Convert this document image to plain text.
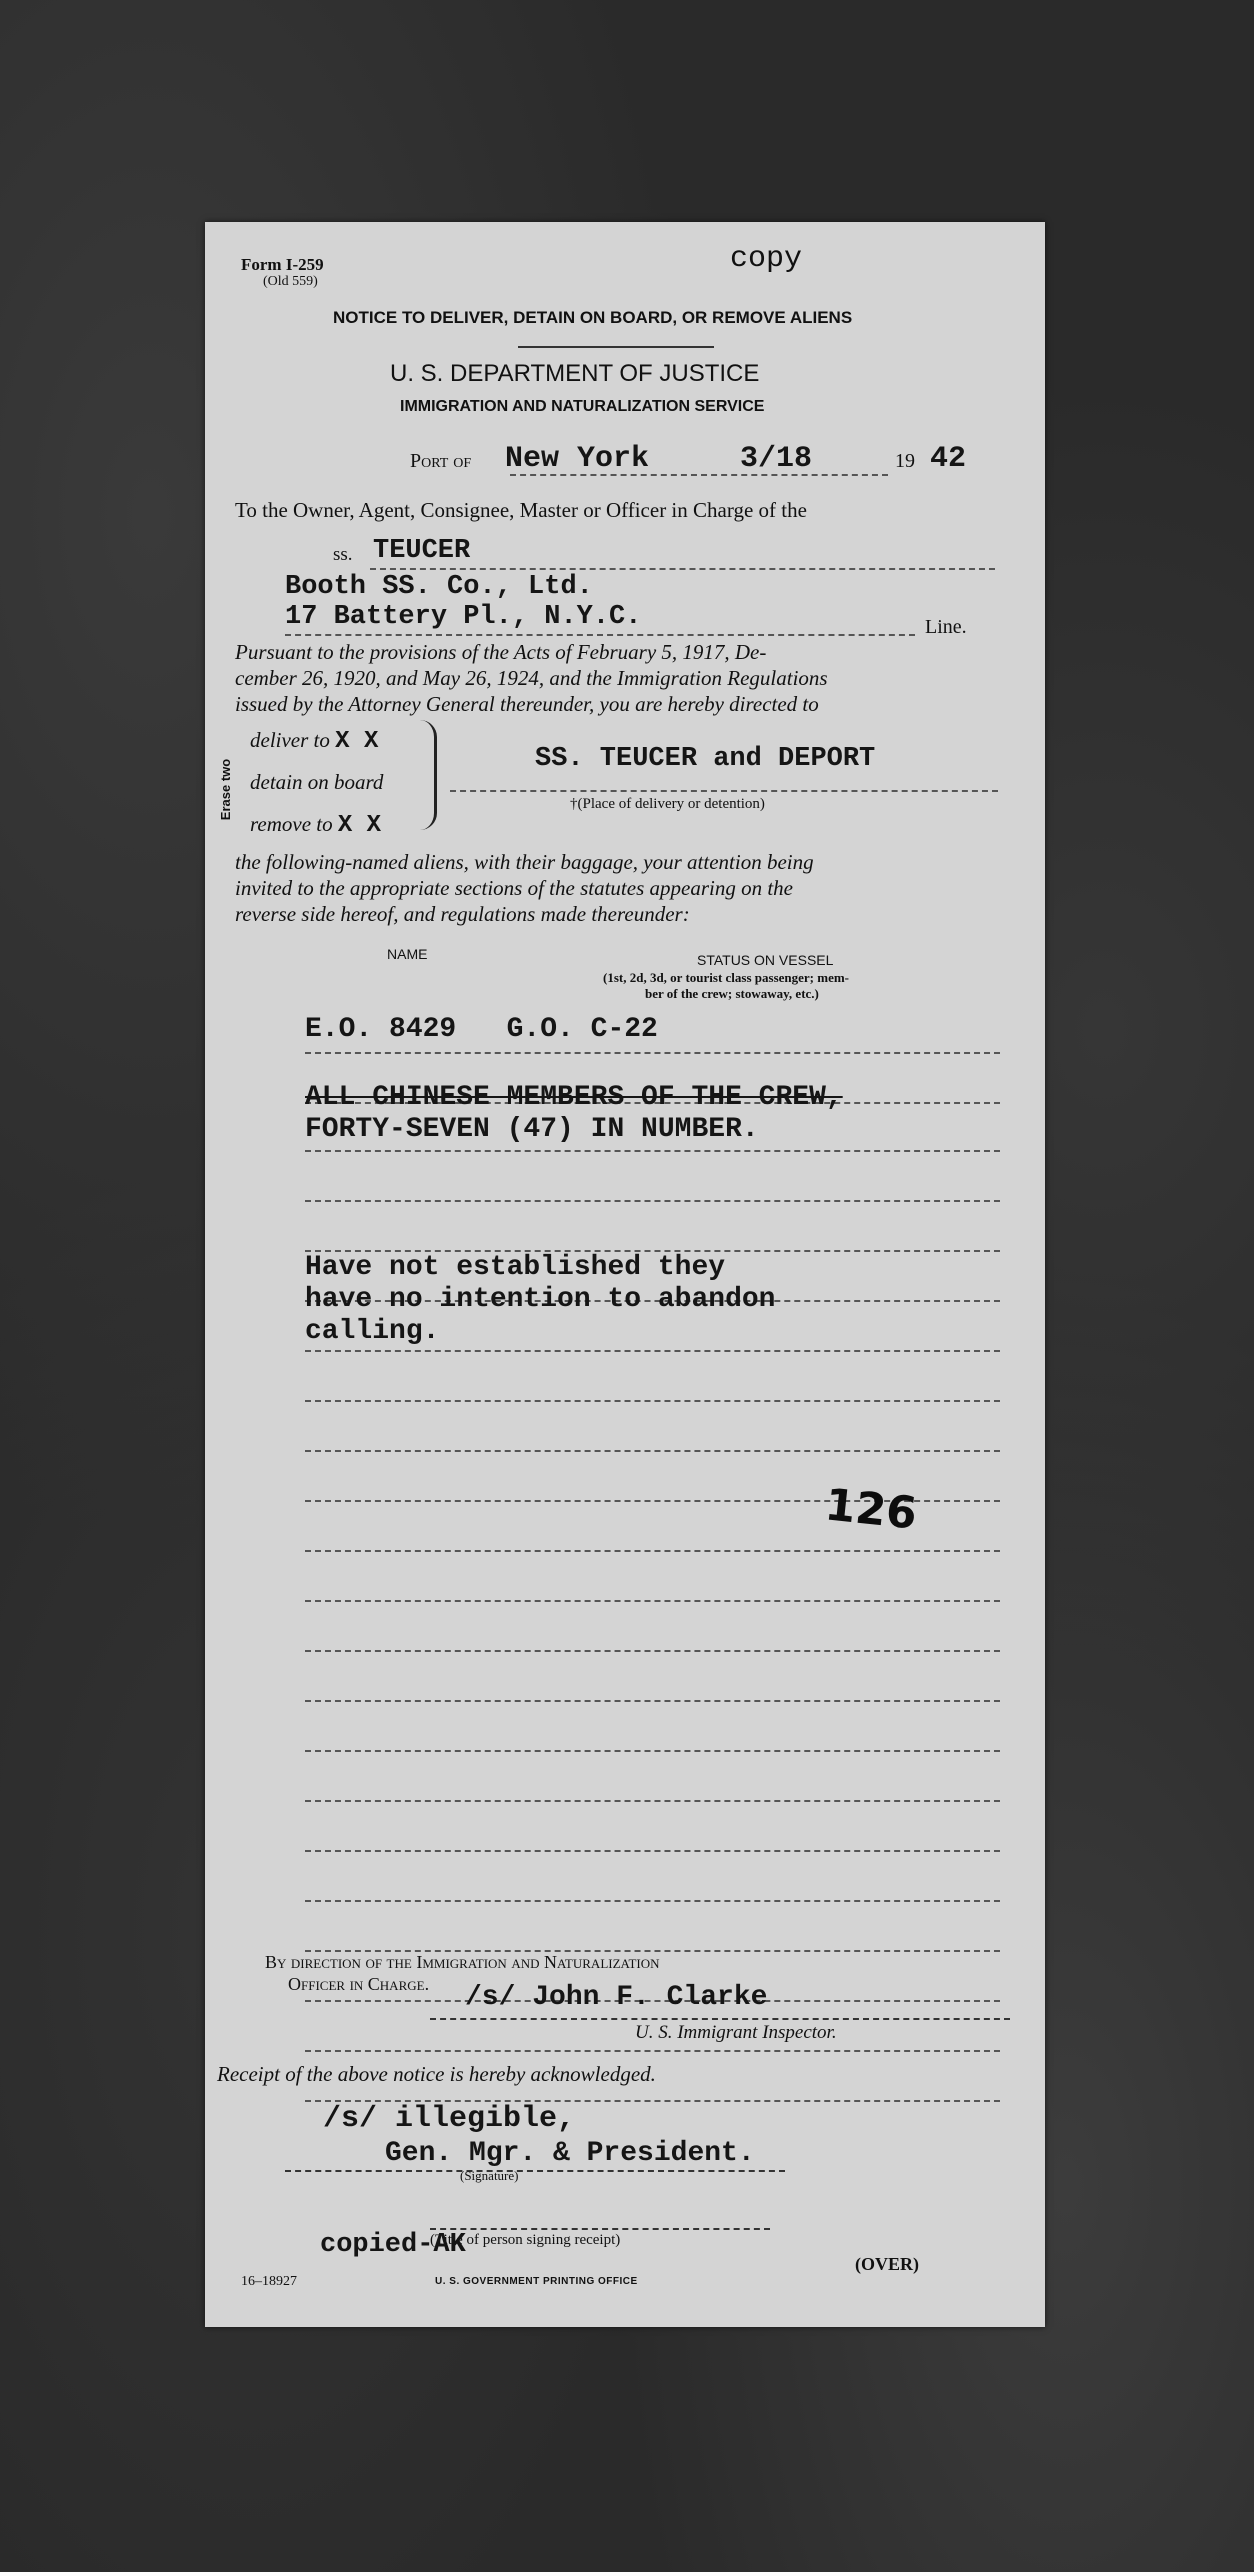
Form I-259
(Old 559)
copy
NOTICE TO DELIVER, DETAIN ON BOARD, OR REMOVE ALIENS
U. S. DEPARTMENT OF JUSTICE
IMMIGRATION AND NATURALIZATION SERVICE
Port of New York	3/18	19 42
To the Owner, Agent, Consignee, Master or Officer in Charge of the
ss. TEUCER
Booth SS. Co., Ltd.
17 Battery Pl., N.Y.C.	Line.
Pursuant to the provisions of the Acts of February 5, 1917, De-
cember 26, 1920, and May 26, 1924, and the Immigration Regulations
issued by the Attorney General thereunder, you are hereby directed to
Erase two
deliver to X X
detain on board
remove to X X
SS. TEUCER and DEPORT
†(Place of delivery or detention)
the following-named aliens, with their baggage, your attention being
invited to the appropriate sections of the statutes appearing on the
reverse side hereof, and regulations made thereunder:
NAME	STATUS ON VESSEL
(1st, 2d, 3d, or tourist class passenger; mem-
ber of the crew; stowaway, etc.)
E.O. 8429   G.O. C-22
ALL CHINESE MEMBERS OF THE CREW,
FORTY-SEVEN (47) IN NUMBER.
Have not established they
have no intention to abandon
calling.
126
By direction of the Immigration and Naturalization
Officer in Charge. /s/ John F. Clarke
U. S. Immigrant Inspector.
Receipt of the above notice is hereby acknowledged.
/s/ illegible,
(Signature)
Gen. Mgr. & President.
(Title of person signing receipt)
copied-AK
16–18927	U. S. GOVERNMENT PRINTING OFFICE
(OVER)
